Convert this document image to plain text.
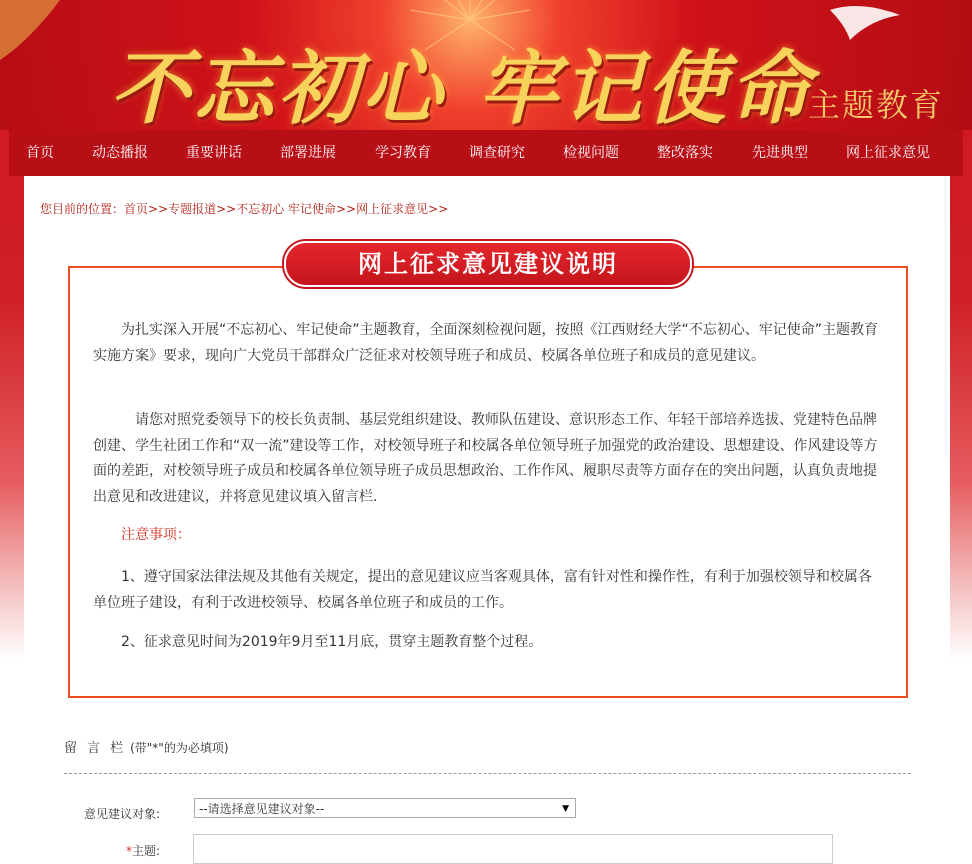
不忘初心 牢记使命
主题教育
首页	动态播报	重要讲话	部署进展	学习教育	调查研究	检视问题	整改落实	先进典型	网上征求意见
您目前的位置：首页>>专题报道>>不忘初心 牢记使命>>网上征求意见>>
网上征求意见建议说明
为扎实深入开展“不忘初心、牢记使命”主题教育，全面深刻检视问题，按照《江西财经大学“不忘初心、牢记使命”主题教育实施方案》要求，现向广大党员干部群众广泛征求对校领导班子和成员、校属各单位班子和成员的意见建议。
请您对照党委领导下的校长负责制、基层党组织建设、教师队伍建设、意识形态工作、年轻干部培养选拔、党建特色品牌创建、学生社团工作和“双一流”建设等工作，对校领导班子和校属各单位领导班子加强党的政治建设、思想建设、作风建设等方面的差距，对校领导班子成员和校属各单位领导班子成员思想政治、工作作风、履职尽责等方面存在的突出问题，认真负责地提出意见和改进建议，并将意见建议填入留言栏.
注意事项：
1、遵守国家法律法规及其他有关规定，提出的意见建议应当客观具体，富有针对性和操作性，有利于加强校领导和校属各单位班子建设，有利于改进校领导、校属各单位班子和成员的工作。
2、征求意见时间为2019年9月至11月底，贯穿主题教育整个过程。
留 言 栏 (带"*"的为必填项)
意见建议对象:	--请选择意见建议对象--	▼
*主题:
